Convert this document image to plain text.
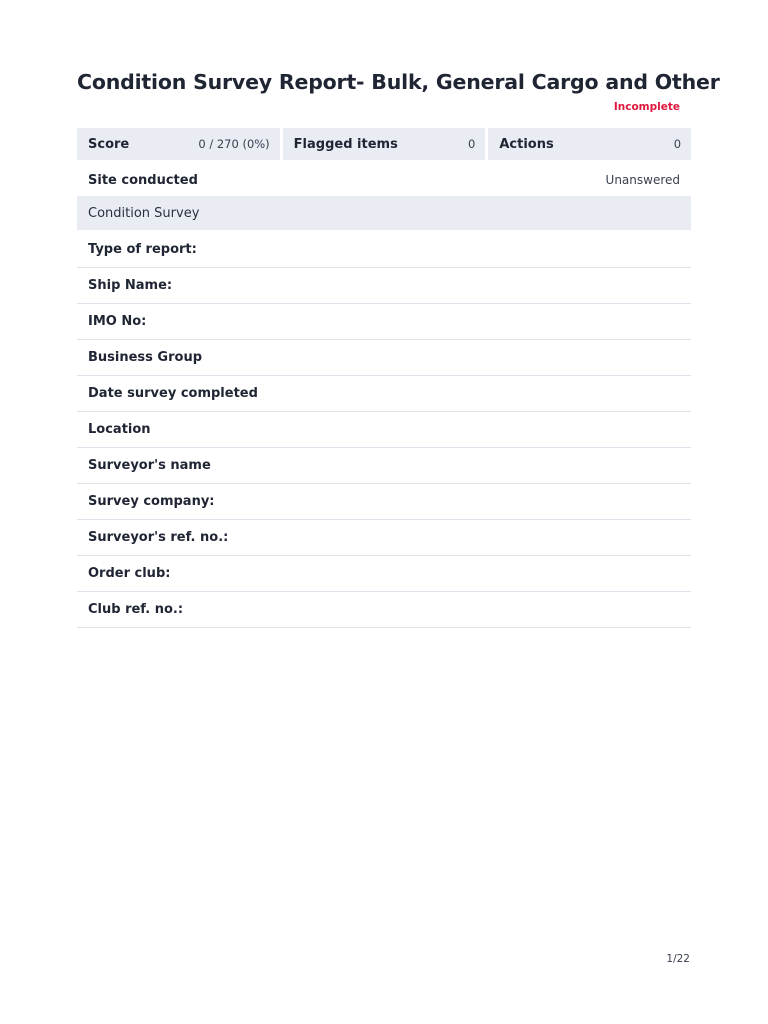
Condition Survey Report- Bulk, General Cargo and Other
Incomplete
Score	0 / 270 (0%) Flagged items	0 Actions	0
Site conducted	Unanswered
Condition Survey
Type of report:
Ship Name:
IMO No:
Business Group
Date survey completed
Location
Surveyor's name
Survey company:
Surveyor's ref. no.:
Order club:
Club ref. no.:
1/22
